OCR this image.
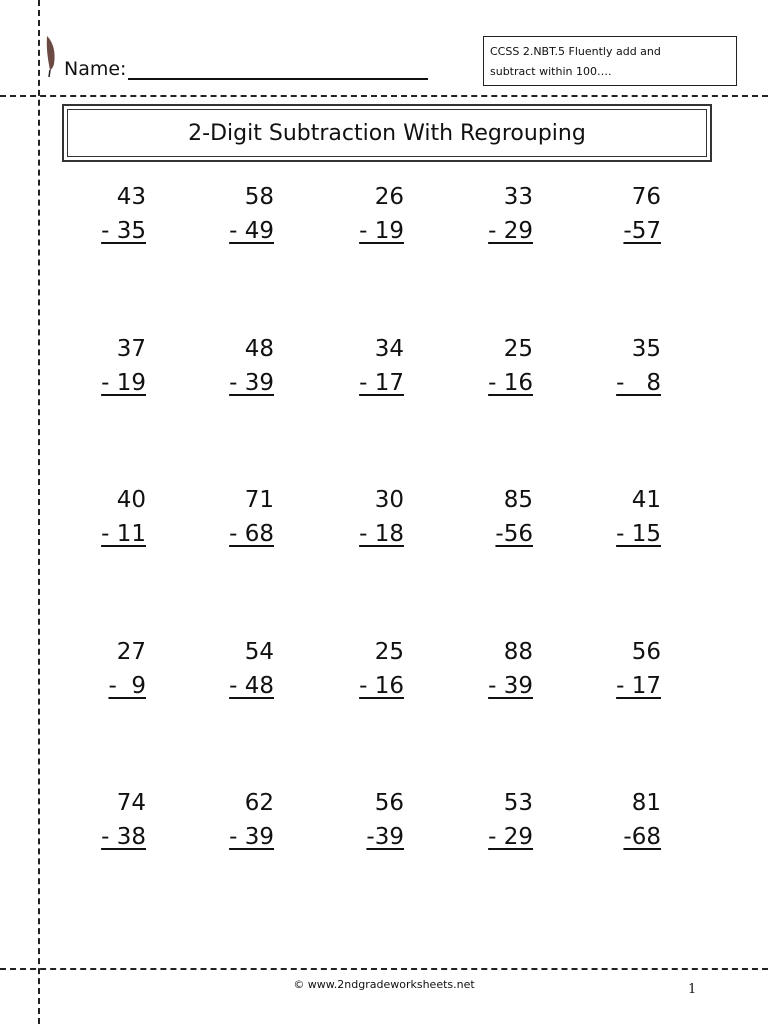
Name:
CCSS 2.NBT.5 Fluently add and
subtract within 100….
2-Digit Subtraction With Regrouping
43
- 35
58
- 49
26
- 19
33
- 29
76
-57
37
- 19
48
- 39
34
- 17
25
- 16
35
-   8
40
- 11
71
- 68
30
- 18
85
-56
41
- 15
27
-  9
54
- 48
25
- 16
88
- 39
56
- 17
74
- 38
62
- 39
56
-39
53
- 29
81
-68
© www.2ndgradeworksheets.net	1
